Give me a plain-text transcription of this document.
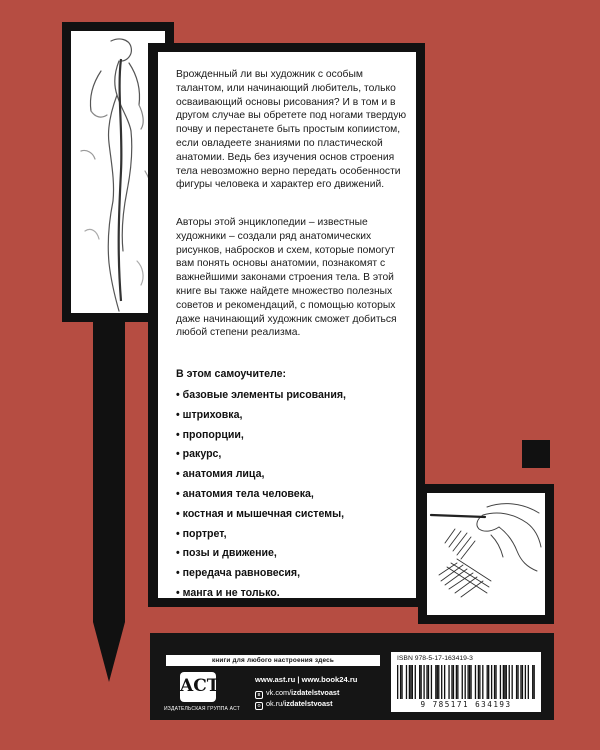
Врожденный ли вы художник с особым талантом, или начинающий любитель, только осваивающий основы рисования? И в том и в другом случае вы обретете под ногами твердую почву и перестанете быть простым копиистом, если овладеете знаниями по пластической анатомии. Ведь без изучения основ строения тела невозможно верно передать особенности фигуры человека и характер его движений.

Авторы этой энциклопедии – известные художники – создали ряд анатомических рисунков, набросков и схем, которые помогут вам понять основы анатомии, познакомят с важнейшими законами строения тела. В этой книге вы также найдете множество полезных советов и рекомендаций, с помощью которых даже начинающий художник сможет добиться любой степени реализма.

В этом самоучителе:
• базовые элементы рисования,
• штриховка,
• пропорции,
• ракурс,
• анатомия лица,
• анатомия тела человека,
• костная и мышечная системы,
• портрет,
• позы и движение,
• передача равновесия,
• манга и не только.
книги для любого настроения здесь
ACT
ИЗДАТЕЛЬСКАЯ ГРУППА АСТ
www.ast.ru | www.book24.ru
в vk.com/izdatelstvoast
о ok.ru/izdatelstvoast
ISBN 978-5-17-163419-3
9 785171 634193
